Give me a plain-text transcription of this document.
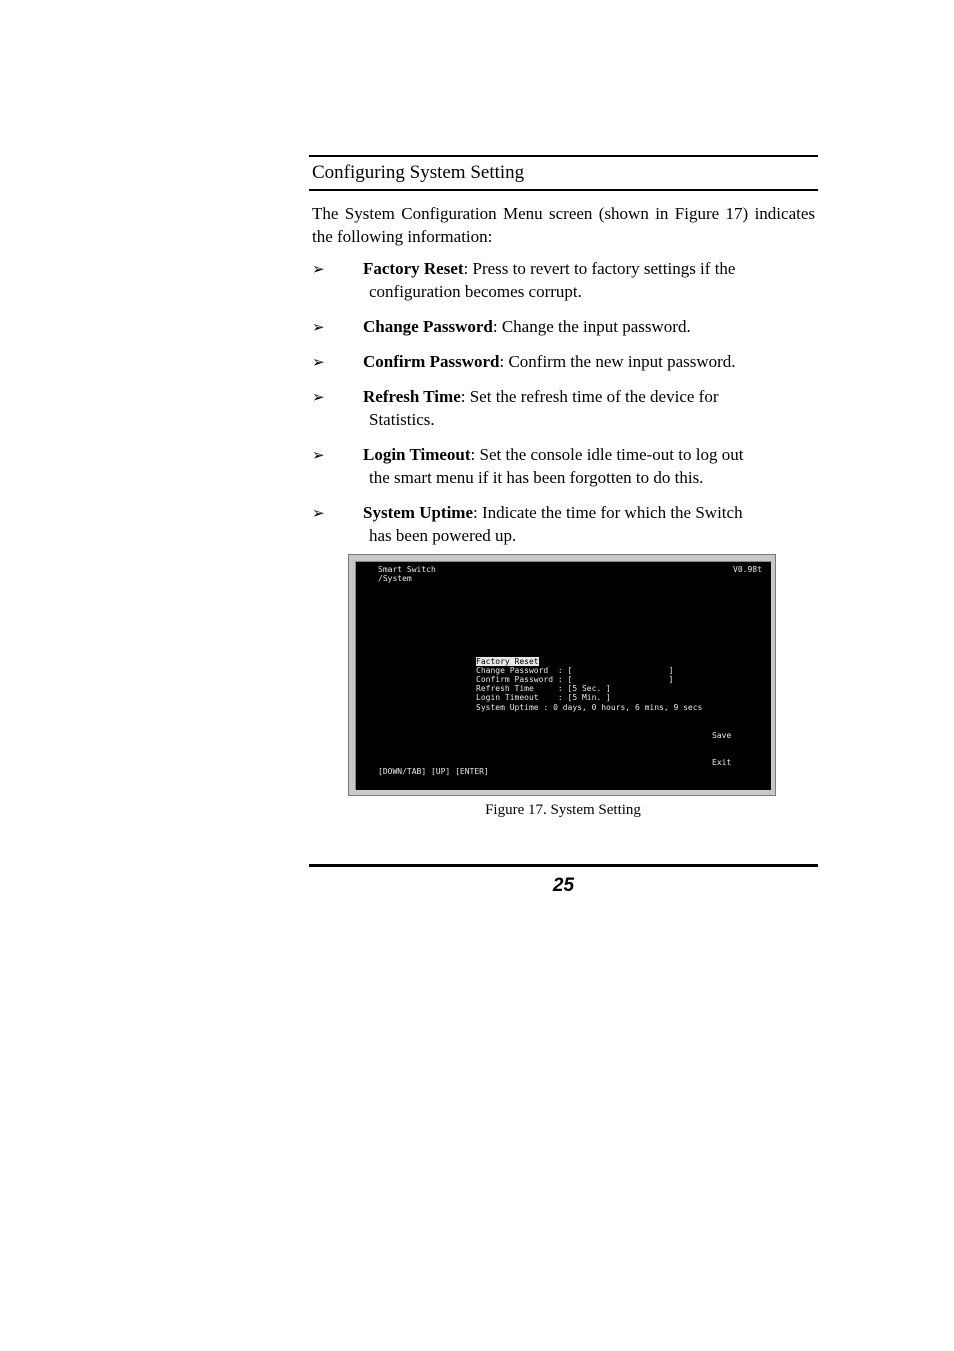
Configuring System Setting

The System Configuration Menu screen (shown in Figure 17) indicates the following information:

➢	Factory Reset: Press to revert to factory settings if the
configuration becomes corrupt.
➢	Change Password: Change the input password.
➢	Confirm Password: Confirm the new input password.
➢	Refresh Time: Set the refresh time of the device for
Statistics.
➢	Login Timeout: Set the console idle time-out to log out
the smart menu if it has been forgotten to do this.
➢	System Uptime: Indicate the time for which the Switch
has been powered up.
Smart Switch
/System
V0.98t
Factory Reset
Change Password  : [                    ]
Confirm Password : [                    ]
Refresh Time     : [5 Sec. ]
Login Timeout    : [5 Min. ]
System Uptime : 0 days, 0 hours, 6 mins, 9 secs
Save
Exit
[DOWN/TAB] [UP] [ENTER]
Figure 17. System Setting
25
